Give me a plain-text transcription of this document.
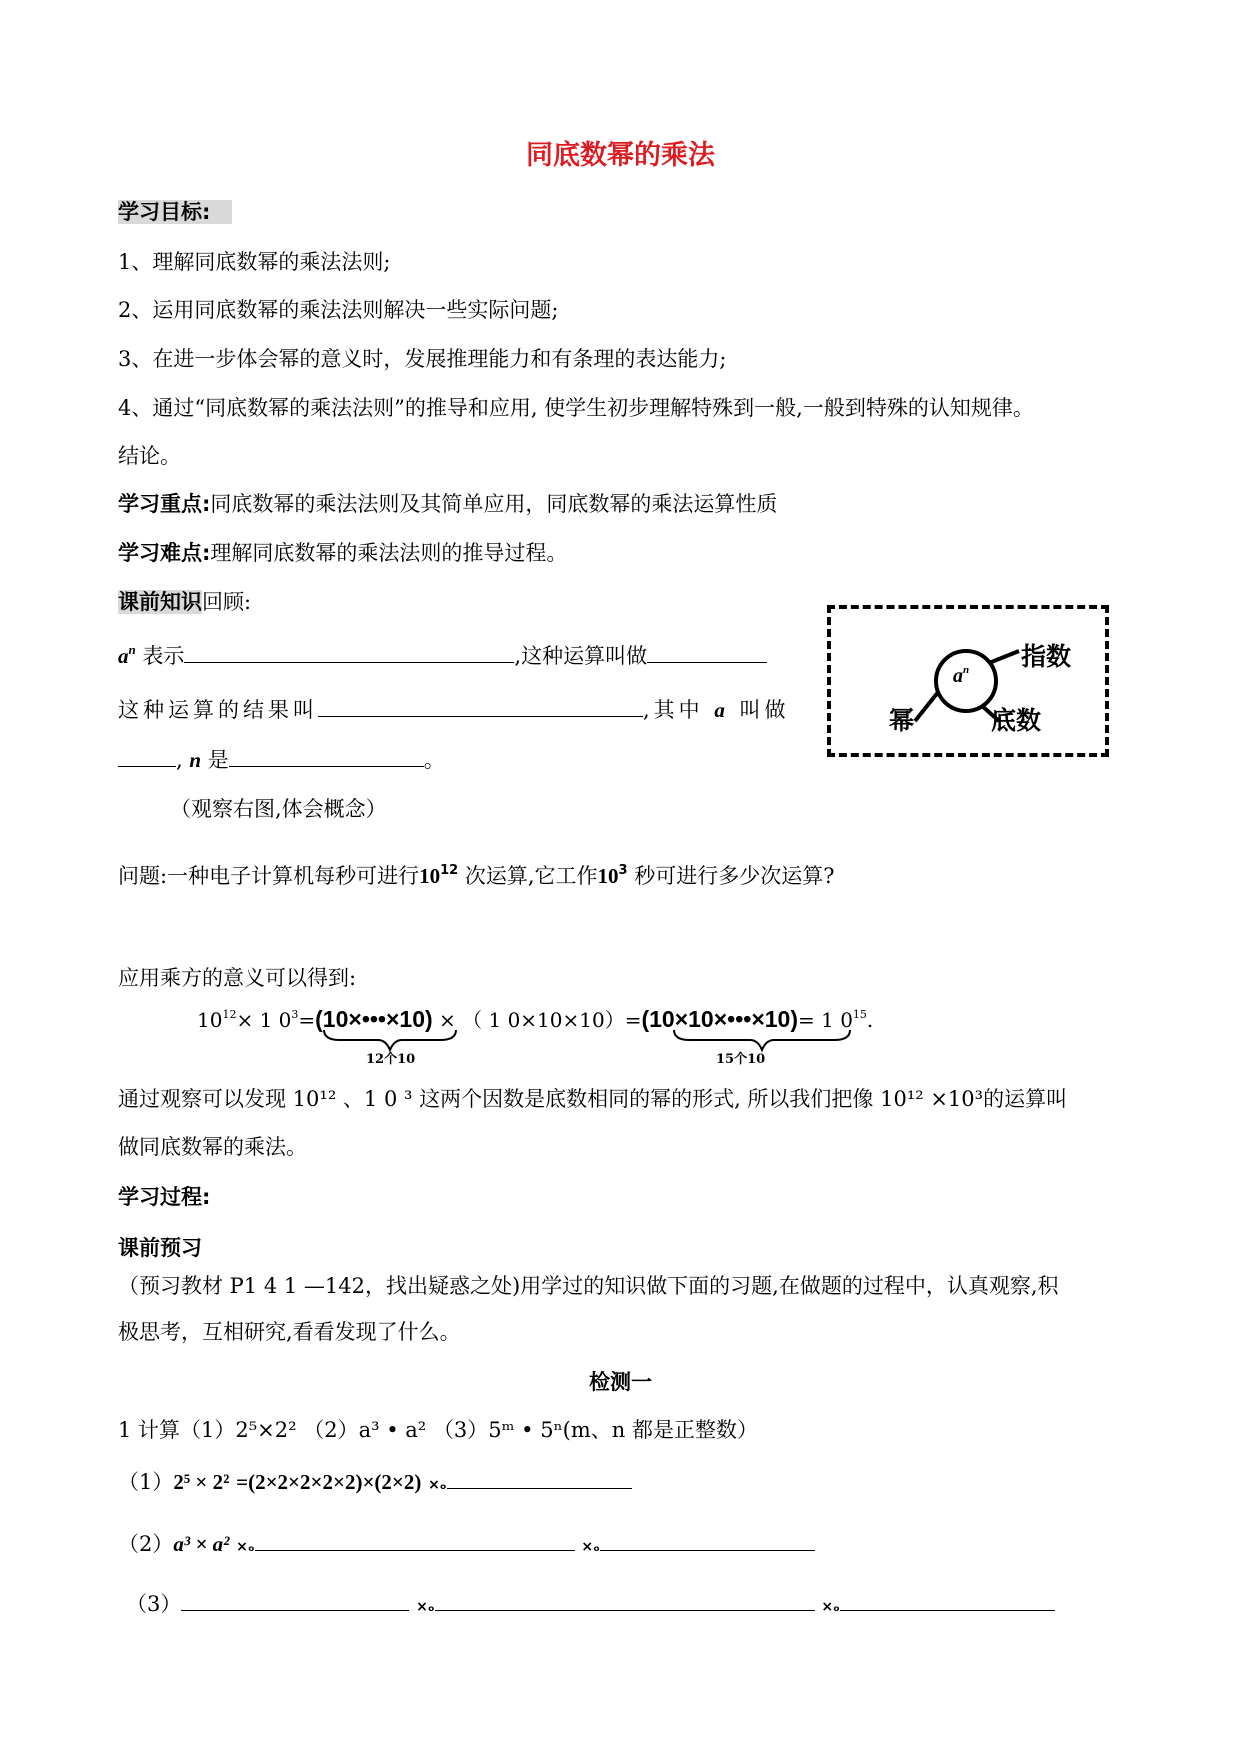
同底数幂的乘法
学习目标:
1、理解同底数幂的乘法法则;
2、运用同底数幂的乘法法则解决一些实际问题;
3、在进一步体会幂的意义时，发展推理能力和有条理的表达能力;
4、通过“同底数幂的乘法法则”的推导和应用, 使学生初步理解特殊到一般,一般到特殊的认知规律。
结论。
学习重点:同底数幂的乘法法则及其简单应用，同底数幂的乘法运算性质
学习难点:理解同底数幂的乘法法则的推导过程。
课前知识回顾:
$a^n$ 表示	,这种运算叫做
这种运算的结果叫	,其中 a 叫做
, n 是	。
（观察右图,体会概念）
$a^n$ 指数
幂	底数
问题:一种电子计算机每秒可进行$10^{12}$ 次运算,它工作$10^3$ 秒可进行多少次运算?
应用乘方的意义可以得到:
$10^{12}\times 1$ $0^3=(10\times•••\times 10)$ × （ 1 0×10×10）=(10×10×•••×10)= 1 $0^{15}$.
12个10	15个10
通过观察可以发现 10¹² 、1 0 ³ 这两个因数是底数相同的幂的形式, 所以我们把像 10¹² ×10³的运算叫
做同底数幂的乘法。
学习过程:
课前预习
（预习教材 P1 4 1 —142，找出疑惑之处)用学过的知识做下面的习题,在做题的过程中，认真观察,积
极思考，互相研究,看看发现了什么。
检测一
1 计算（1）2⁵×2² （2）a³ • a² （3）5ᵐ • 5ⁿ(m、n 都是正整数）
（1）2⁵ × 2² =(2×2×2×2×2)×(2×2) ×ₒ
（2）a³ × a² ×ₒ	×ₒ
（3）	×ₒ	×ₒ
